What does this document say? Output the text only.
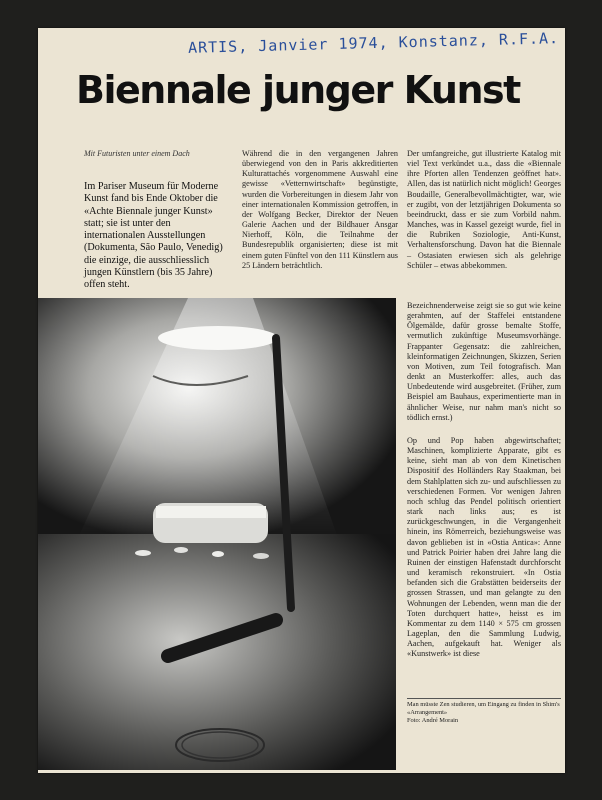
ARTIS, Janvier 1974, Konstanz, R.F.A.
Biennale junger Kunst
Mit Futuristen unter einem Dach
Im Pariser Museum für Moderne Kunst fand bis Ende Oktober die «Achte Biennale junger Kunst» statt; sie ist unter den internationalen Ausstellungen (Dokumenta, São Paulo, Venedig) die einzige, die ausschliesslich jungen Künstlern (bis 35 Jahre) offen steht.
Während die in den vergangenen Jahren überwiegend von den in Paris akkreditierten Kulturattachés vorgenommene Auswahl eine gewisse «Vetternwirtschaft» begünstigte, wurden die Vorbereitungen in diesem Jahr von einer internationalen Kommission getroffen, in der Wolfgang Becker, Direktor der Neuen Galerie Aachen und der Bildhauer Ansgar Nierhoff, Köln, die Teilnahme der Bundesrepublik organisierten; diese ist mit einem guten Fünftel von den 111 Künstlern aus 25 Ländern beträchtlich.
Der umfangreiche, gut illustrierte Katalog mit viel Text verkündet u.a., dass die «Biennale ihre Pforten allen Tendenzen geöffnet hat». Allen, das ist natürlich nicht möglich! Georges Boudaille, Generalbevollmächtigter, war, wie er zugibt, von der letztjährigen Dokumenta so beeindruckt, dass er sie zum Vorbild nahm. Manches, was in Kassel gezeigt wurde, fiel in die Rubriken Soziologie, Anti-Kunst, Verhaltensforschung. Davon hat die Biennale – Ostasiaten erwiesen sich als gelehrige Schüler – etwas abbekommen.
Bezeichnenderweise zeigt sie so gut wie keine gerahmten, auf der Staffelei entstandene Ölgemälde, dafür grosse bemalte Stoffe, vermutlich zukünftige Museumsvorhänge. Frappanter Gegensatz: die zahlreichen, kleinformatigen Zeichnungen, Skizzen, Serien von Motiven, zum Teil fotografisch. Man denkt an Musterkoffer: alles, auch das Unbedeutende wird ausgebreitet. (Früher, zum Beispiel am Bauhaus, experimentierte man in ähnlicher Weise, nur nahm man's nicht so tödlich ernst.)
Op und Pop haben abgewirtschaftet; Maschinen, komplizierte Apparate, gibt es keine, sieht man ab von dem Kinetischen Dispositif des Holländers Ray Staakman, bei dem Stahlplatten sich zu- und aufschliessen zu verschiedenen Formen. Vor wenigen Jahren noch schlug das Pendel politisch orientiert stark nach links aus; es ist zurückgeschwungen, in die Vergangenheit hinein, ins Römerreich, beziehungsweise was davon geblieben ist in «Ostia Antica»: Anne und Patrick Poirier haben drei Jahre lang die Ruinen der einstigen Hafenstadt durchforscht und keramisch rekonstruiert. «In Ostia befanden sich die Grabstätten beiderseits der grossen Strassen, und man gelangte zu den Wohnungen der Lebenden, wenn man die der Toten durchquert hatte», heisst es im Kommentar zu dem 1140 × 575 cm grossen Lageplan, den die Sammlung Ludwig, Aachen, aufgekauft hat. Weniger als «Kunstwerk» ist diese
Man müsste Zen studieren, um Eingang zu finden in Shim's «Arrangement»
Foto: André Morain
